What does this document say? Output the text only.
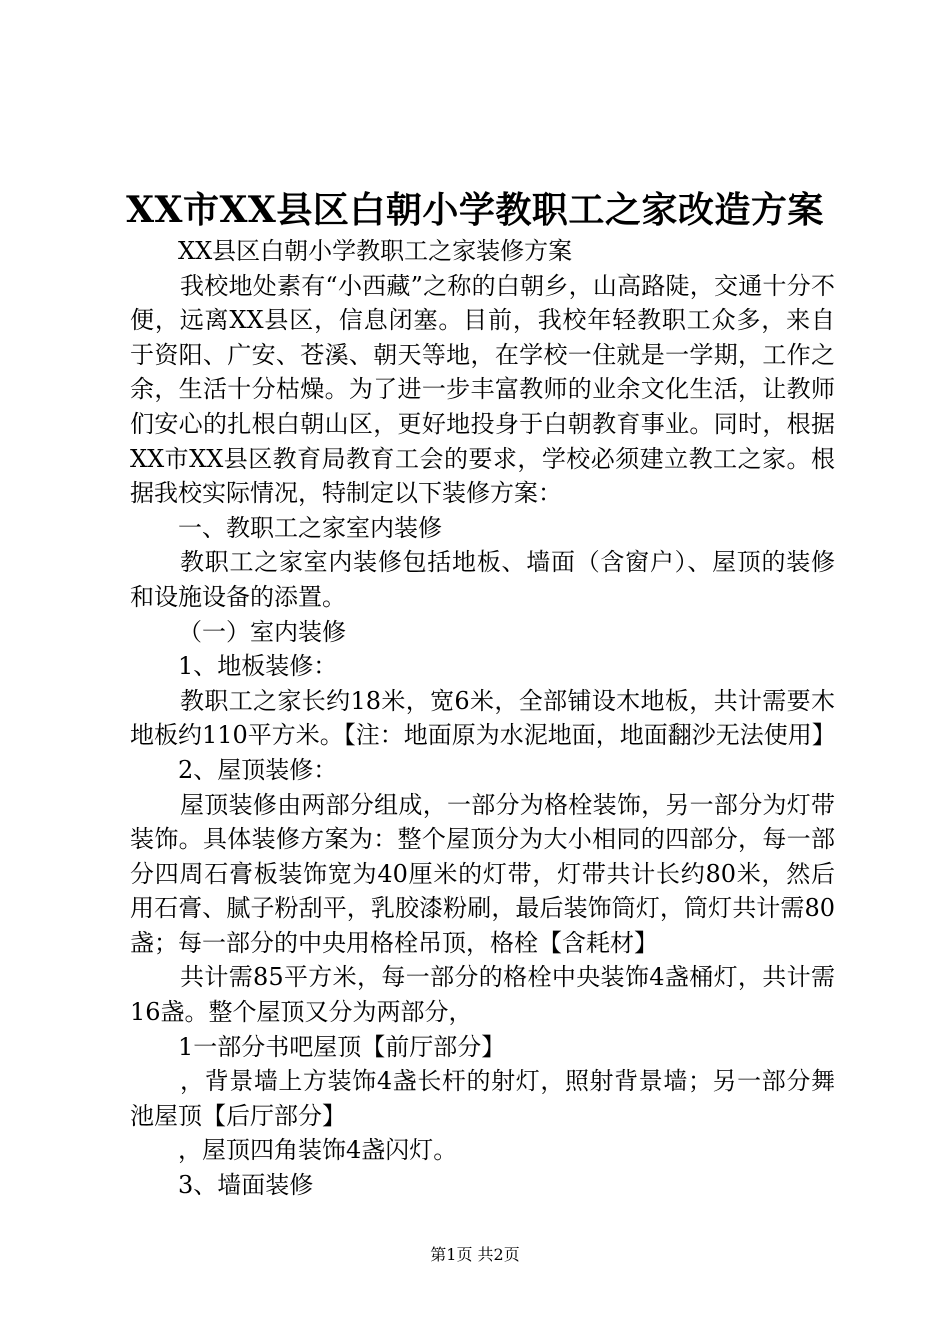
XX市XX县区白朝小学教职工之家改造方案

XX县区白朝小学教职工之家装修方案

我校地处素有“小西藏”之称的白朝乡，山高路陡，交通十分不便，远离XX县区，信息闭塞。目前，我校年轻教职工众多，来自于资阳、广安、苍溪、朝天等地，在学校一住就是一学期，工作之余，生活十分枯燥。为了进一步丰富教师的业余文化生活，让教师们安心的扎根白朝山区，更好地投身于白朝教育事业。同时，根据XX市XX县区教育局教育工会的要求，学校必须建立教工之家。根据我校实际情况，特制定以下装修方案：

一、教职工之家室内装修

教职工之家室内装修包括地板、墙面（含窗户）、屋顶的装修和设施设备的添置。

（一）室内装修

1、地板装修：

教职工之家长约18米，宽6米，全部铺设木地板，共计需要木地板约110平方米。【注：地面原为水泥地面，地面翻沙无法使用】

2、屋顶装修：

屋顶装修由两部分组成，一部分为格栓装饰，另一部分为灯带装饰。具体装修方案为：整个屋顶分为大小相同的四部分，每一部分四周石膏板装饰宽为40厘米的灯带，灯带共计长约80米，然后用石膏、腻子粉刮平，乳胶漆粉刷，最后装饰筒灯，筒灯共计需80盏；每一部分的中央用格栓吊顶，格栓【含耗材】

共计需85平方米，每一部分的格栓中央装饰4盏桶灯，共计需16盏。整个屋顶又分为两部分，

1一部分书吧屋顶【前厅部分】

，背景墙上方装饰4盏长杆的射灯，照射背景墙；另一部分舞池屋顶【后厅部分】

，屋顶四角装饰4盏闪灯。

3、墙面装修

第1页 共2页
